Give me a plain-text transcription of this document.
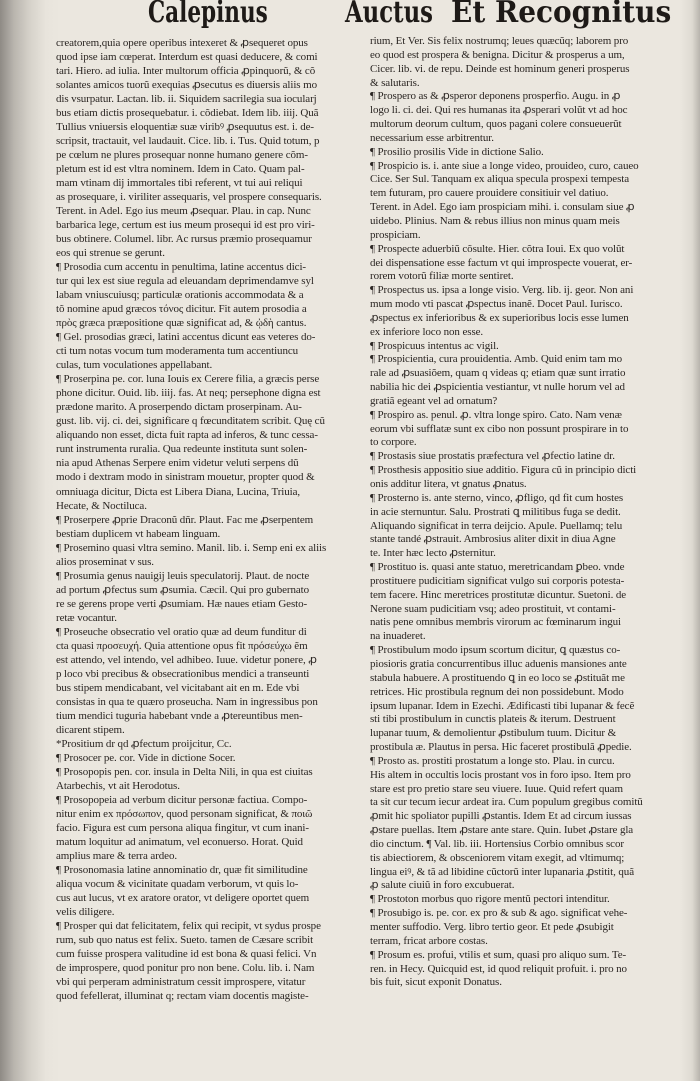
Calepinus	Auctus Et Recognitus
creatorem,quia opere operibus intexeret & ꝓsequeret opus
quod ipse iam cœperat. Interdum est quasi deducere, & comi
tari. Hiero. ad iulia. Inter multorum officia ꝓpinquorũ, & cõ
solantes amicos tuorũ exequias ꝓsecutus es diuersis aliis mo
dis vsurpatur. Lactan. lib. ii. Siquidem sacrilegia sua iocularj
bus etiam dictis prosequebatur. i. cõdiebat. Idem lib. iiij. Quã
Tullius vniuersis eloquentiæ suæ viribꝰ ꝓsequutus est. i. de-
scripsit, tractauit, vel laudauit. Cice. lib. i. Tus. Quid totum, p
pe cœlum ne plures prosequar nonne humano genere cõm-
pletum est id est vltra nominem. Idem in Cato. Quam pal-
mam vtinam dij immortales tibi referent, vt tui aui reliqui
as prosequare, i. viriliter assequaris, vel prospere consequaris.
Terent. in Adel. Ego ius meum ꝓsequar. Plau. in cap. Nunc
barbarica lege, certum est ius meum prosequi id est pro viri-
bus obtinere. Columel. libr. Ac rursus præmio prosequamur
eos qui strenue se gerunt.
¶ Prosodia cum accentu in penultima, latine accentus dici-
tur qui lex est siue regula ad eleuandam deprimendamve syl
labam vniuscuiusq; particulæ orationis accommodata & a
tõ nomine apud græcos τόνος dicitur. Fit autem prosodia a
πρὸς græca præpositione quæ significat ad, & ᾠδὴ cantus.
¶ Gel. prosodias græci, latini accentus dicunt eas veteres do-
cti tum notas vocum tum moderamenta tum accentiuncu
culas, tum voculationes appellabant.
¶ Proserpina pe. cor. luna Iouis ex Cerere filia, a græcis perse
phone dicitur. Ouid. lib. iiij. fas. At neq; persephone digna est
prædone marito. A proserpendo dictam proserpinam. Au-
gust. lib. vij. ci. dei, significare q fœcunditatem scribit. Quę cũ
aliquando non esset, dicta fuit rapta ad inferos, & tunc cessa-
runt instrumenta ruralia. Qua redeunte instituta sunt solen-
nia apud Athenas Serpere enim videtur veluti serpens dũ
modo i dextram modo in sinistram mouetur, propter quod &
omniuaga dicitur, Dicta est Libera Diana, Lucina, Triuia,
Hecate, & Noctiluca.
¶ Proserpere ꝓprie Draconũ dñr. Plaut. Fac me ꝓserpentem
bestiam duplicem vt habeam linguam.
¶ Prosemino quasi vltra semino. Manil. lib. i. Semp eni ex aliis
alios proseminat v sus.
¶ Prosumia genus nauigij leuis speculatorij. Plaut. de nocte
ad portum ꝓfectus sum ꝓsumia. Cæcil. Qui pro gubernato
re se gerens prope verti ꝓsumiam. Hæ naues etiam Gesto-
retæ vocantur.
¶ Proseuche obsecratio vel oratio quæ ad deum funditur di
cta quasi προσευχή. Quia attentione opus fit πρόσεύχω ẽm
est attendo, vel intendo, vel adhibeo. Iuue. videtur ponere, ꝓ
p loco vbi precibus & obsecrationibus mendici a transeunti
bus stipem mendicabant, vel vicitabant ait en m. Ede vbi
consistas in qua te quæro proseucha. Nam in ingressibus pon
tium mendici tuguria habebant vnde a ꝓtereuntibus men-
dicarent stipem.
*Prositium dr qd ꝓfectum proijcitur, Cc.
¶ Prosocer pe. cor. Vide in dictione Socer.
¶ Prosopopis pen. cor. insula in Delta Nili, in qua est ciuitas
Atarbechis, vt ait Herodotus.
¶ Prosopopeia ad verbum dicitur personæ factiua. Compo-
nitur enim ex πρόσωπον, quod personam significat, & ποιῶ
facio. Figura est cum persona aliqua fingitur, vt cum inani-
matum loquitur ad animatum, vel econuerso. Horat. Quid
amplius mare & terra ardeo.
¶ Prosonomasia latine annominatio dr, quæ fit similitudine
aliqua vocum & vicinitate quadam verborum, vt quis lo-
cus aut lucus, vt ex aratore orator, vt deligere oportet quem
velis diligere.
¶ Prosper qui dat felicitatem, felix qui recipit, vt sydus prospe
rum, sub quo natus est felix. Sueto. tamen de Cæsare scribit
cum fuisse prospera valitudine id est bona & quasi felici. Vn
de improspere, quod ponitur pro non bene. Colu. lib. i. Nam
vbi qui perperam administratum cessit improspere, vitatur
quod fefellerat, illuminat q; rectam viam docentis magiste-
rium, Et Ver. Sis felix nostrumq; leues quæcũq; laborem pro
eo quod est prospera & benigna. Dicitur & prosperus a um,
Cicer. lib. vi. de repu. Deinde est hominum generi prosperus
& salutaris.
¶ Prospero as & ꝓsperor deponens prosperfio. Augu. in ꝓ
logo li. ci. dei. Qui res humanas ita ꝓsperari volũt vt ad hoc
multorum deorum cultum, quos pagani colere consueuerũt
necessarium esse arbitrentur.
¶ Prosilio prosilis Vide in dictione Salio.
¶ Prospicio is. i. ante siue a longe video, prouideo, curo, caueo
Cice. Ser Sul. Tanquam ex aliqua specula prospexi tempesta
tem futuram, pro cauere prouidere consitiuir vel datiuo.
Terent. in Adel. Ego iam prospiciam mihi. i. consulam siue ꝓ
uidebo. Plinius. Nam & rebus illius non minus quam meis
prospiciam.
¶ Prospecte aduerbiũ cõsulte. Hier. cõtra Ioui. Ex quo volũt
dei dispensatione esse factum vt qui improspecte vouerat, er-
rorem votorũ filiæ morte sentiret.
¶ Prospectus us. ipsa a longe visio. Verg. lib. ij. geor. Non ani
mum modo vti pascat ꝓspectus inanẽ. Docet Paul. Iurisco.
ꝓspectus ex inferioribus & ex superioribus locis esse lumen
ex inferiore loco non esse.
¶ Prospicuus intentus ac vigil.
¶ Prospicientia, cura prouidentia. Amb. Quid enim tam mo
rale ad ꝓsuasiõem, quam q videas q; etiam quæ sunt irratio
nabilia hic dei ꝓspicientia vestiantur, vt nulle horum vel ad
gratiã egeant vel ad ornatum?
¶ Prospiro as. penul. ꝓ. vltra longe spiro. Cato. Nam venæ
eorum vbi sufflatæ sunt ex cibo non possunt prospirare in to
to corpore.
¶ Prostasis siue prostatis præfectura vel ꝓfectio latine dr.
¶ Prosthesis appositio siue additio. Figura cũ in principio dicti
onis additur litera, vt gnatus ꝓnatus.
¶ Prosterno is. ante sterno, vinco, ꝓfligo, qd fit cum hostes
in acie sternuntur. Salu. Prostrati ꝗ militibus fuga se dedit.
Aliquando significat in terra deijcio. Apule. Puellamq; telu
stante tandé ꝓstrauit. Ambrosius aliter dixit in diua Agne
te. Inter hæc lecto ꝓsternitur.
¶ Prostituo is. quasi ante statuo, meretricandam ꝑbeo. vnde
prostituere pudicitiam significat vulgo sui corporis potesta-
tem facere. Hinc meretrices prostitutæ dicuntur. Suetoni. de
Nerone suam pudicitiam vsq; adeo prostituit, vt contami-
natis pene omnibus membris virorum ac fœminarum ingui
na inuaderet.
¶ Prostibulum modo ipsum scortum dicitur, ꝗ quæstus co-
piosioris gratia concurrentibus illuc aduenis mansiones ante
stabula habuere. A prostituendo ꝗ in eo loco se ꝓstituãt me
retrices. Hic prostibula regnum dei non possidebunt. Modo
ipsum lupanar. Idem in Ezechi. Ædificasti tibi lupanar & fecẽ
sti tibi prostibulum in cunctis plateis & iterum. Destruent
lupanar tuum, & demolientur ꝓstibulum tuum. Dicitur &
prostibula æ. Plautus in persa. Hic faceret prostibulã ꝓpedie.
¶ Prosto as. prostiti prostatum a longe sto. Plau. in curcu.
His altem in occultis locis prostant vos in foro ipso. Item pro
stare est pro pretio stare seu viuere. Iuue. Quid refert quam
ta sit cur tecum iecur ardeat ira. Cum populum gregibus comitũ
ꝓmit hic spoliator pupilli ꝓstantis. Idem Et ad circum iussas
ꝓstare puellas. Item ꝓstare ante stare. Quin. Iubet ꝓstare gla
dio cinctum. ¶ Val. lib. iii. Hortensius Corbio omnibus scor
tis abiectiorem, & obsceniorem vitam exegit, ad vltimumq;
lingua eiꝰ, & tã ad libidine cũctorũ inter lupanaria ꝓstitit, quã
ꝓ salute ciuiũ in foro excubuerat.
¶ Prostoton morbus quo rigore mentũ pectori intenditur.
¶ Prosubigo is. pe. cor. ex pro & sub & ago. significat vehe-
menter suffodio. Verg. libro tertio geor. Et pede ꝓsubigit
terram, fricat arbore costas.
¶ Prosum es. profui, vtilis et sum, quasi pro aliquo sum. Te-
ren. in Hecy. Quicquid est, id quod reliquit profuit. i. pro no
bis fuit, sicut exponit Donatus.
